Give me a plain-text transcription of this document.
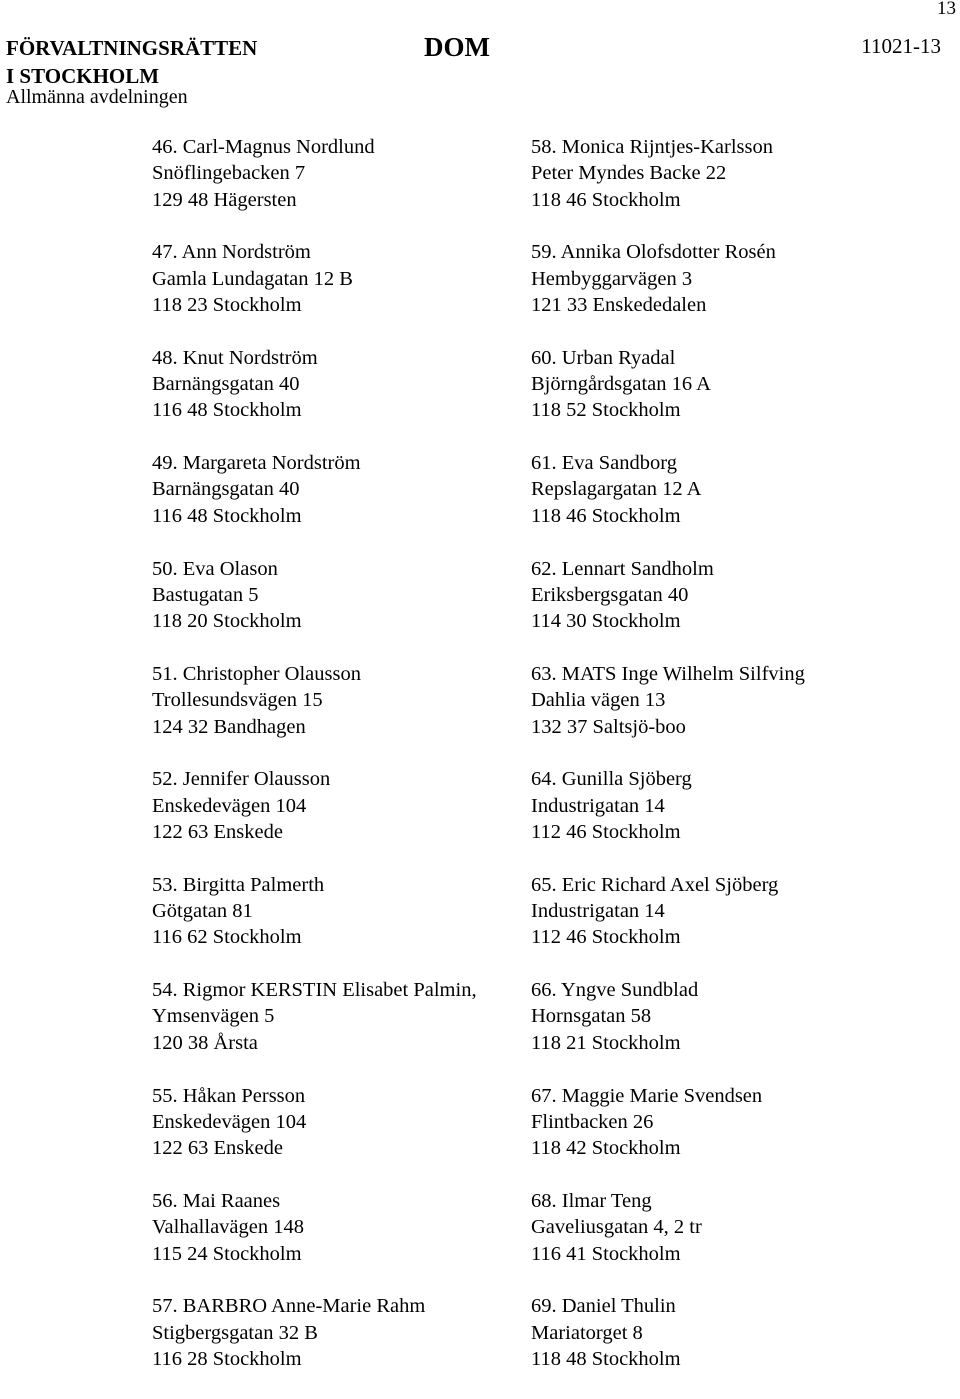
13
FÖRVALTNINGSRÄTTEN
I STOCKHOLM
Allmänna avdelningen
DOM	11021-13
46. Carl-Magnus Nordlund
Snöflingebacken 7
129 48 Hägersten
47. Ann Nordström
Gamla Lundagatan 12 B
118 23 Stockholm
48. Knut Nordström
Barnängsgatan 40
116 48 Stockholm
49. Margareta Nordström
Barnängsgatan 40
116 48 Stockholm
50. Eva Olason
Bastugatan 5
118 20 Stockholm
51. Christopher Olausson
Trollesundsvägen 15
124 32 Bandhagen
52. Jennifer Olausson
Enskedevägen 104
122 63 Enskede
53. Birgitta Palmerth
Götgatan 81
116 62 Stockholm
54. Rigmor KERSTIN Elisabet Palmin,
Ymsenvägen 5
120 38 Årsta
55. Håkan Persson
Enskedevägen 104
122 63 Enskede
56. Mai Raanes
Valhallavägen 148
115 24 Stockholm
57. BARBRO Anne-Marie Rahm
Stigbergsgatan 32 B
116 28 Stockholm
58. Monica Rijntjes-Karlsson
Peter Myndes Backe 22
118 46 Stockholm
59. Annika Olofsdotter Rosén
Hembyggarvägen 3
121 33 Enskededalen
60. Urban Ryadal
Björngårdsgatan 16 A
118 52 Stockholm
61. Eva Sandborg
Repslagargatan 12 A
118 46 Stockholm
62. Lennart Sandholm
Eriksbergsgatan 40
114 30 Stockholm
63. MATS Inge Wilhelm Silfving
Dahlia vägen 13
132 37 Saltsjö-boo
64. Gunilla Sjöberg
Industrigatan 14
112 46 Stockholm
65. Eric Richard Axel Sjöberg
Industrigatan 14
112 46 Stockholm
66. Yngve Sundblad
Hornsgatan 58
118 21 Stockholm
67. Maggie Marie Svendsen
Flintbacken 26
118 42 Stockholm
68. Ilmar Teng
Gaveliusgatan 4, 2 tr
116 41 Stockholm
69. Daniel Thulin
Mariatorget 8
118 48 Stockholm
